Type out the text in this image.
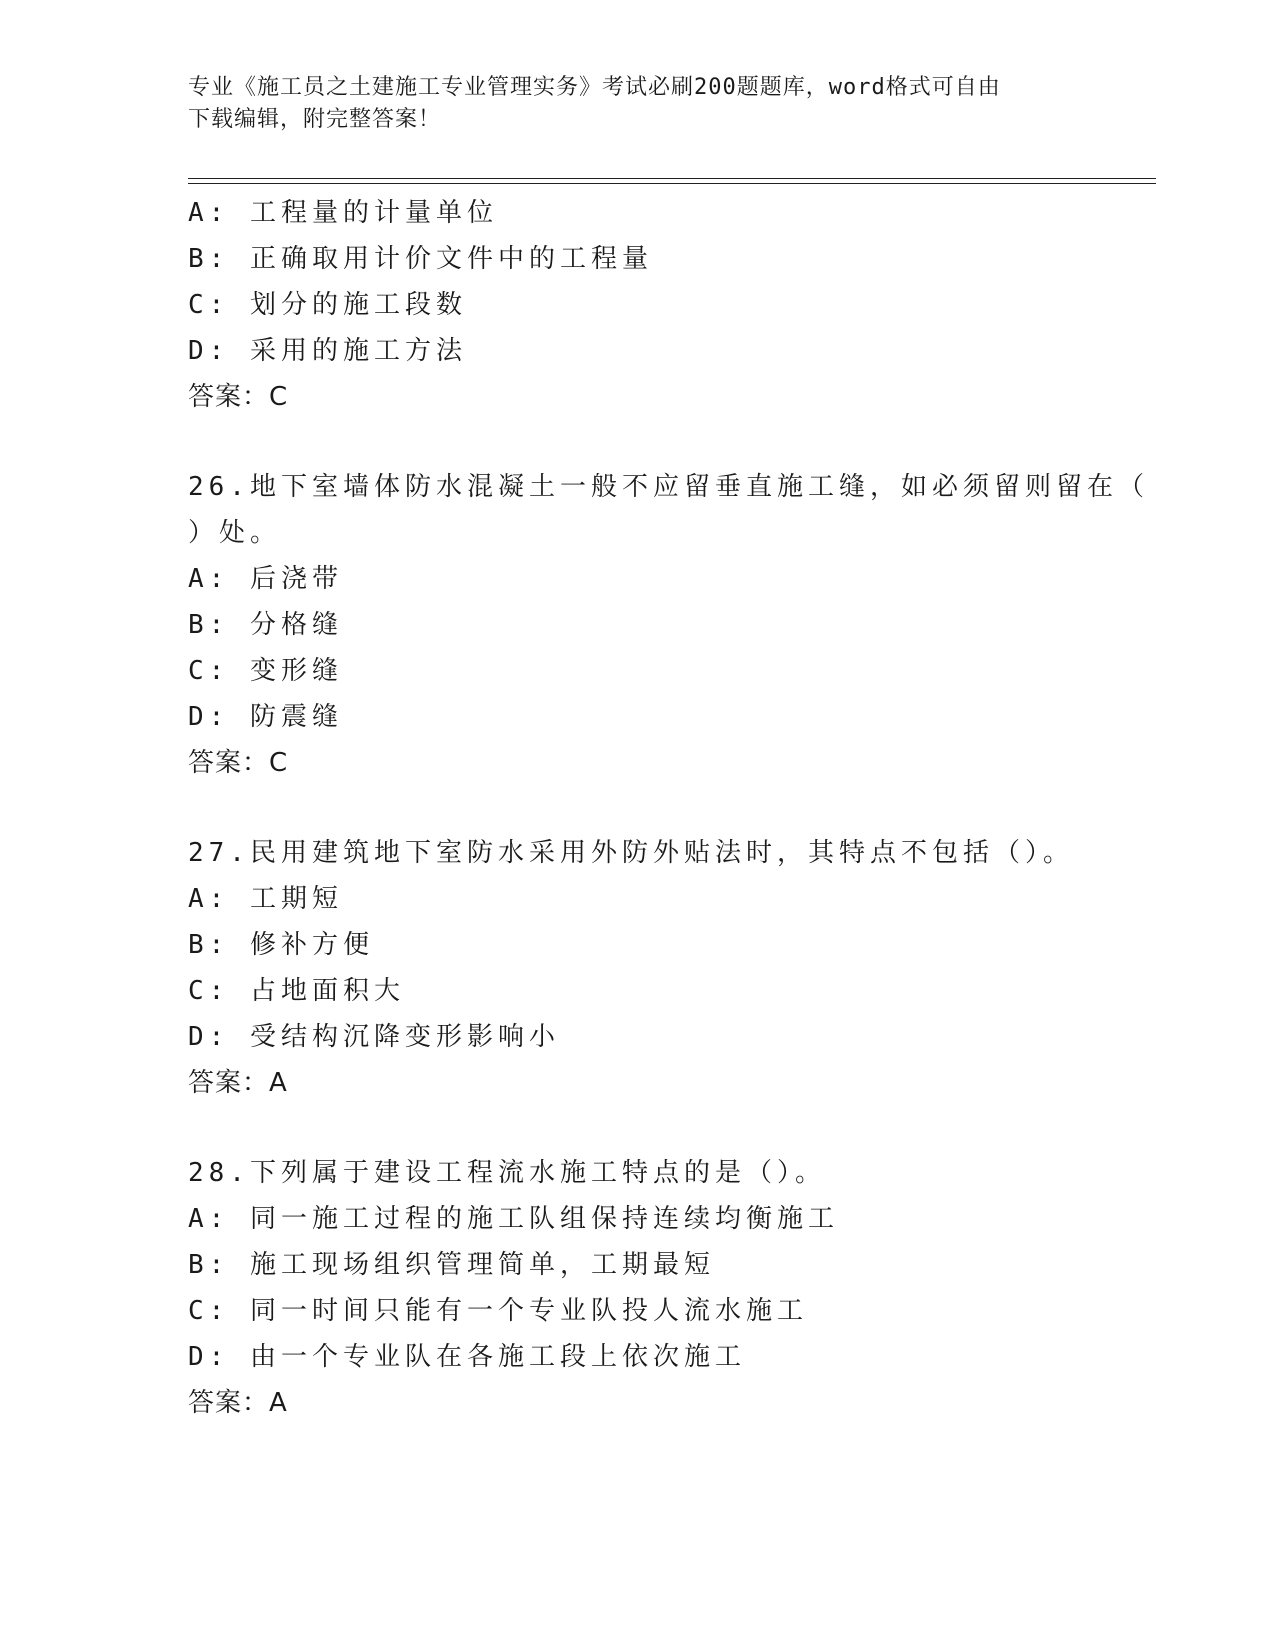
专业《施工员之土建施工专业管理实务》考试必刷200题题库，word格式可自由
下载编辑，附完整答案！
A: 工程量的计量单位
B: 正确取用计价文件中的工程量
C: 划分的施工段数
D: 采用的施工方法
答案：C
26.地下室墙体防水混凝土一般不应留垂直施工缝，如必须留则留在（
）处。
A: 后浇带
B: 分格缝
C: 变形缝
D: 防震缝
答案：C
27.民用建筑地下室防水采用外防外贴法时，其特点不包括（）。
A: 工期短
B: 修补方便
C: 占地面积大
D: 受结构沉降变形影响小
答案：A
28.下列属于建设工程流水施工特点的是（）。
A: 同一施工过程的施工队组保持连续均衡施工
B: 施工现场组织管理简单，工期最短
C: 同一时间只能有一个专业队投人流水施工
D: 由一个专业队在各施工段上依次施工
答案：A
